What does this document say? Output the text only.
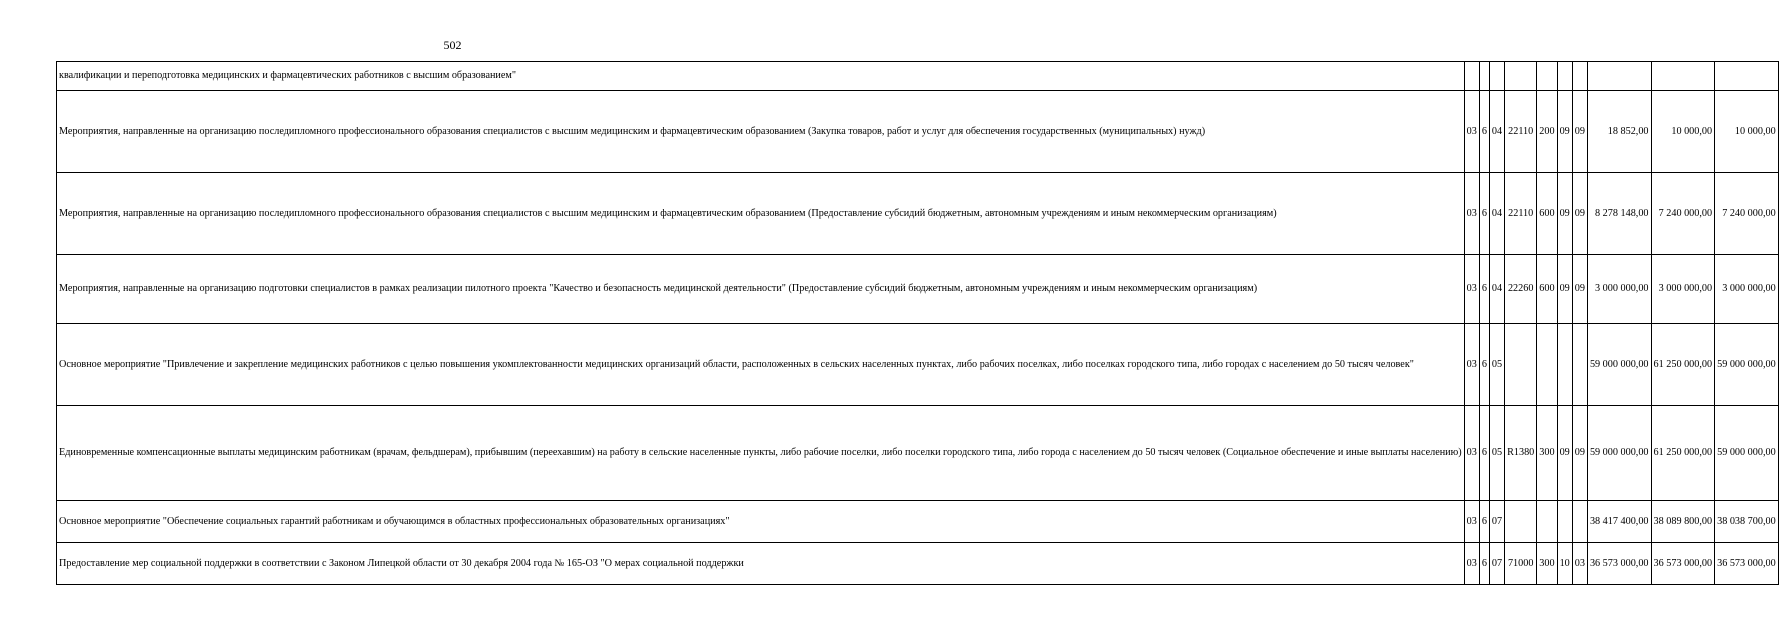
502
квалификации и переподготовка медицинских и фармацевтических работников с высшим образованием"										
Мероприятия, направленные на организацию последипломного профессионального образования специалистов с высшим медицинским и фармацевтическим образованием (Закупка товаров, работ и услуг для обеспечения государственных (муниципальных) нужд)	03	6	04	22110	200	09	09	18 852,00	10 000,00	10 000,00
Мероприятия, направленные на организацию последипломного профессионального образования специалистов с высшим медицинским и фармацевтическим образованием (Предоставление субсидий бюджетным, автономным учреждениям и иным некоммерческим организациям)	03	6	04	22110	600	09	09	8 278 148,00	7 240 000,00	7 240 000,00
Мероприятия, направленные на организацию подготовки специалистов в рамках реализации пилотного проекта "Качество и безопасность медицинской деятельности" (Предоставление субсидий бюджетным, автономным учреждениям и иным некоммерческим организациям)	03	6	04	22260	600	09	09	3 000 000,00	3 000 000,00	3 000 000,00
Основное мероприятие "Привлечение и закрепление медицинских работников с целью повышения укомплектованности медицинских организаций области, расположенных в сельских населенных пунктах, либо рабочих поселках, либо поселках городского типа, либо городах с населением до 50 тысяч человек"	03	6	05					59 000 000,00	61 250 000,00	59 000 000,00
Единовременные компенсационные выплаты медицинским работникам (врачам, фельдшерам), прибывшим (переехавшим) на работу в сельские населенные пункты, либо рабочие поселки, либо поселки городского типа, либо города с населением до 50 тысяч человек (Социальное обеспечение и иные выплаты населению)	03	6	05	R1380	300	09	09	59 000 000,00	61 250 000,00	59 000 000,00
Основное мероприятие "Обеспечение социальных гарантий работникам и обучающимся в областных профессиональных образовательных организациях"	03	6	07					38 417 400,00	38 089 800,00	38 038 700,00
Предоставление мер социальной поддержки в соответствии с Законом Липецкой области от 30 декабря 2004 года № 165-ОЗ "О мерах социальной поддержки	03	6	07	71000	300	10	03	36 573 000,00	36 573 000,00	36 573 000,00
